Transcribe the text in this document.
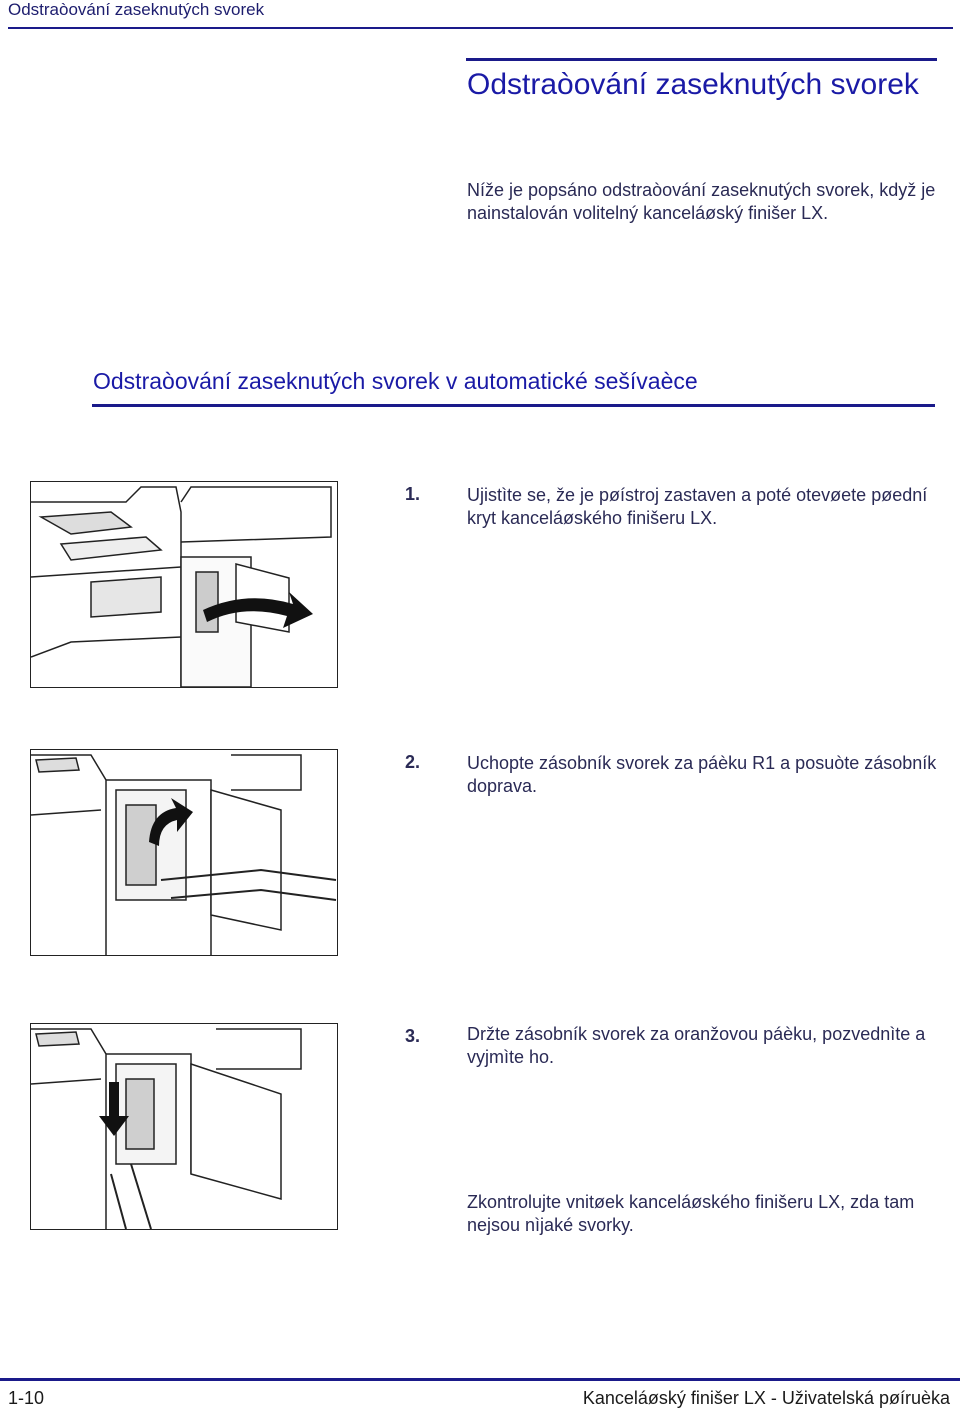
Odstraòování zaseknutých svorek
Odstraòování zaseknutých svorek
Níže je popsáno odstraòování zaseknutých svorek, když je nainstalován volitelný kanceláøský finišer LX.
Odstraòování zaseknutých svorek v automatické sešívaèce
1.	Ujistìte se, že je pøístroj zastaven a poté otevøete pøední kryt kanceláøského finišeru LX.
2.	Uchopte zásobník svorek za páèku R1 a posuòte zásobník doprava.
3.	Držte zásobník svorek za oranžovou páèku, pozvednìte a vyjmìte ho.
Zkontrolujte vnitøek kanceláøského finišeru LX, zda tam nejsou nìjaké svorky.
1-10	Kanceláøský finišer LX - Uživatelská pøíruèka
